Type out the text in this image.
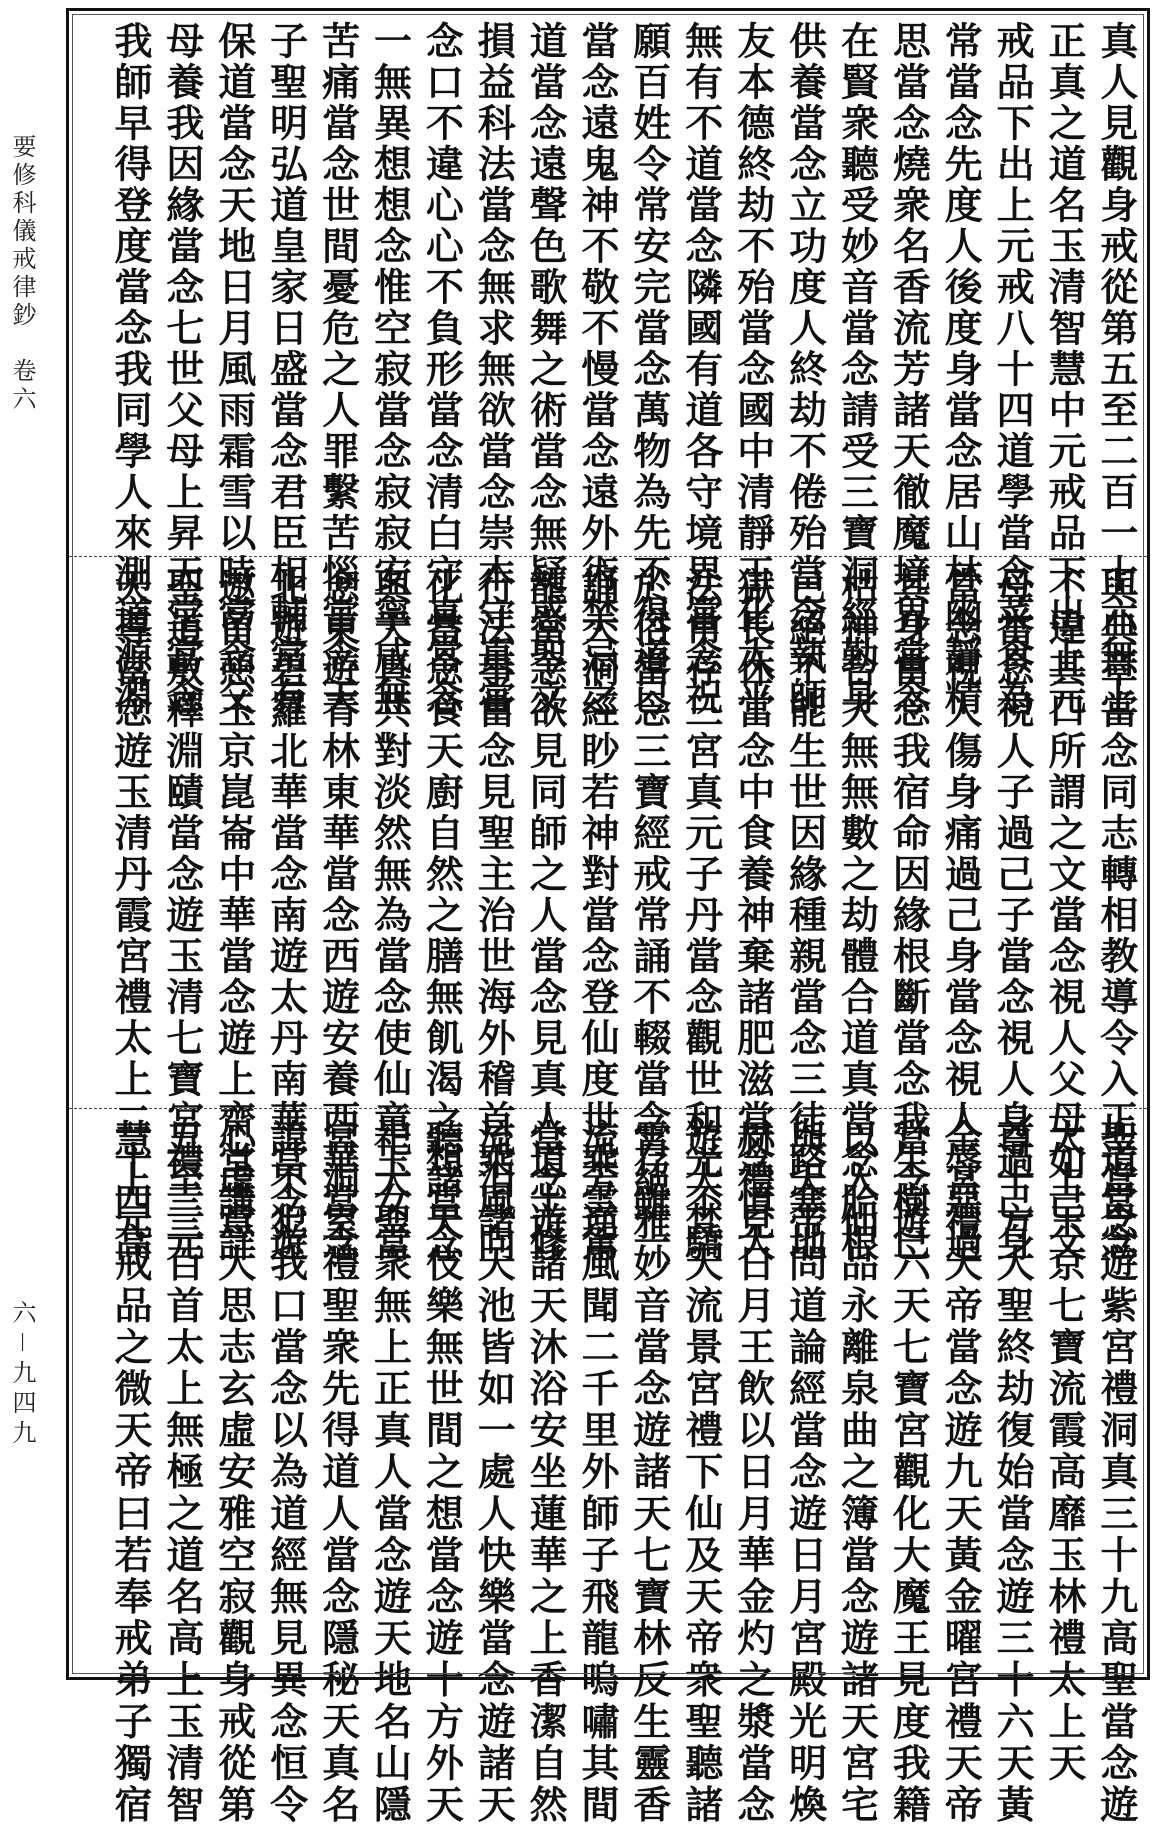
要修科儀戒律鈔　卷六
六－九四九
真人見觀身戒從第五至二百一十六無上
正真之道名玉清智慧中元戒品下出上元
戒品下出上元戒八十四道學當念菜食為
常當念先度人後度身當念居山林幽靜精
思當念燒衆名香流芳諸天徹魔境界當念
在賢衆聽受妙音當念請受三寶洞經勤身
供養當念立功度人終劫不倦殆當念執師
友本德終劫不殆當念國中清靜王化太平
無有不道當念隣國有道各守境界當念祝
願百姓令常安完當念萬物為先不得道已
當念遠鬼神不敬不慢當念遠外術禁忌之
道當念遠聲色歌舞之術當念無疑惑聖文
損益科法當念無求無欲當念崇本守真當
念口不違心心不負形當念清白守真當念
一無異想想念惟空寂當念寂寂安寧咸無
苦痛當念世間憂危之人罪繫苦惱當念天
子聖明弘道皇家日盛當念君臣相輔常有
保道當念天地日月風雨霜雪以時當念父
母養我因緣當念七世父母上昇天堂當念
我師早得登度當念我同學人來測道源淵
與典章當念同志轉相教導令入正道當念
不違其口所謂之文當念視人父母如己父
母當念視人子過己子當念視人身過己身
當念視人傷身痛過己身當念視人辱惡過
其身當念我宿命因緣根斷當念我生樹巳
枯神合大無無數之劫體合道真當念胎根
已絕不能生世因緣種親當念三徒路塞地
獄長休當念中食養神棄諸肥滋當念慎大
法常存三宮真元子丹當念觀世和光不驕
於俗當念三寶經戒常誦不輟當念存雖一
誦大洞經眇若神對當念登仙度世乘雲駕
龍當念欲見同師之人當念見真人道士修
行法事當念見聖主治世海外稽首乘風向
化當念食天廚自然之膳無飢渴之想當念
與天真共對淡然無為當念使仙童玉女當
念東遊青林東華當念西遊安養西華當念
北遊碧羅北華當念南遊太丹南華當念遊
遨留憩玉京崑崙中華當念遊上齋堂講詳
聖道敷釋淵賾當念遊玉清七寶宮禮三元
天尊當念遊玉清丹霞宮禮太上二十四高
聖當念遊紫宮禮洞真三十九高聖當念遊
太上玉京七寶流霞高靡玉林禮太上天
尊十方大聖終劫復始當念遊三十六天黃
金宮禮天帝當念遊九天黃金曜宮禮天帝
當念遊六天七寶宮觀化大魔王見度我籍
以入仙品永離泉曲之簿當念遊諸天宮宅
與天帝問道論經當念遊日月宮殿光明煥
赫禮見日月王飲以日月華金灼之漿當念
遊大梵天流景宮禮下仙及天帝衆聖聽諸
霄絕雅妙音當念遊諸天七寶林反生靈香
流芳逆風聞二千里外師子飛龍嗚嘯其間
當念遊諸天沐浴安坐蓮華之上香潔自然
流泪諸天池皆如一處人快樂當念遊諸天
聽諸天伎樂無世間之想當念遊十方外天
祀大聖衆無上正真人當念遊天地名山隱
宮洞室禮聖衆先得道人當念隱秘天真名
諱不犯我口當念以為道經無見異念恒令
心虛意大思志玄虛安雅空寂觀身戒從第
五至三百首太上無極之道名高上玉清智
慧上元戒品之微天帝曰若奉戒弟子獨宿
